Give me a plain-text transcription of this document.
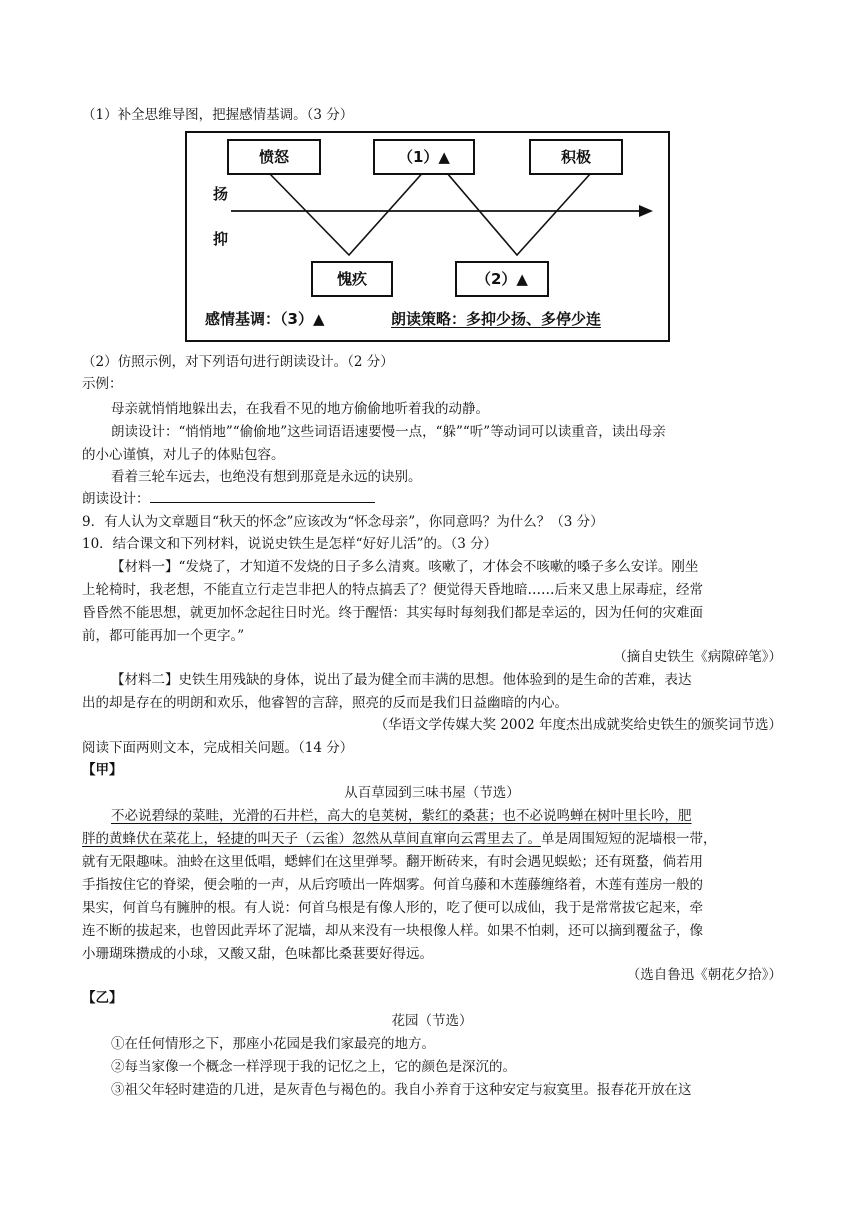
（1）补全思维导图，把握感情基调。（3 分）
愤怒	（1）▲	积极
愧疚	（2）▲
扬
抑
感情基调：（3）▲	朗读策略：多抑少扬、多停少连
（2）仿照示例，对下列语句进行朗读设计。（2 分）
示例：
母亲就悄悄地躲出去，在我看不见的地方偷偷地听着我的动静。
朗读设计：“悄悄地”“偷偷地”这些词语语速要慢一点，“躲”“听”等动词可以读重音，读出母亲
的小心谨慎，对儿子的体贴包容。
看着三轮车远去，也绝没有想到那竟是永远的诀别。
朗读设计：
9．有人认为文章题目“秋天的怀念”应该改为“怀念母亲”，你同意吗？为什么？（3 分）
10．结合课文和下列材料，说说史铁生是怎样“好好儿活”的。（3 分）
【材料一】“发烧了，才知道不发烧的日子多么清爽。咳嗽了，才体会不咳嗽的嗓子多么安详。刚坐
上轮椅时，我老想，不能直立行走岂非把人的特点搞丢了？便觉得天昏地暗……后来又患上尿毒症，经常
昏昏然不能思想，就更加怀念起往日时光。终于醒悟：其实每时每刻我们都是幸运的，因为任何的灾难面
前，都可能再加一个更字。”
（摘自史铁生《病隙碎笔》）
【材料二】史铁生用残缺的身体，说出了最为健全而丰满的思想。他体验到的是生命的苦难，表达
出的却是存在的明朗和欢乐，他睿智的言辞，照亮的反而是我们日益幽暗的内心。
（华语文学传媒大奖 2002 年度杰出成就奖给史铁生的颁奖词节选）
阅读下面两则文本，完成相关问题。（14 分）
【甲】
从百草园到三味书屋（节选）
不必说碧绿的菜畦，光滑的石井栏，高大的皂荚树，紫红的桑葚；也不必说鸣蝉在树叶里长吟，肥
胖的黄蜂伏在菜花上，轻捷的叫天子（云雀）忽然从草间直窜向云霄里去了。单是周围短短的泥墙根一带，
就有无限趣味。油蛉在这里低唱，蟋蟀们在这里弹琴。翻开断砖来，有时会遇见蜈蚣；还有斑蝥，倘若用
手指按住它的脊梁，便会啪的一声，从后窍喷出一阵烟雾。何首乌藤和木莲藤缠络着，木莲有莲房一般的
果实，何首乌有臃肿的根。有人说：何首乌根是有像人形的，吃了便可以成仙，我于是常常拔它起来，牵
连不断的拔起来，也曾因此弄坏了泥墙，却从来没有一块根像人样。如果不怕刺，还可以摘到覆盆子，像
小珊瑚珠攒成的小球，又酸又甜，色味都比桑葚要好得远。
（选自鲁迅《朝花夕拾》）
【乙】
花园（节选）
①在任何情形之下，那座小花园是我们家最亮的地方。
②每当家像一个概念一样浮现于我的记忆之上，它的颜色是深沉的。
③祖父年轻时建造的几进，是灰青色与褐色的。我自小养育于这种安定与寂寞里。报春花开放在这
